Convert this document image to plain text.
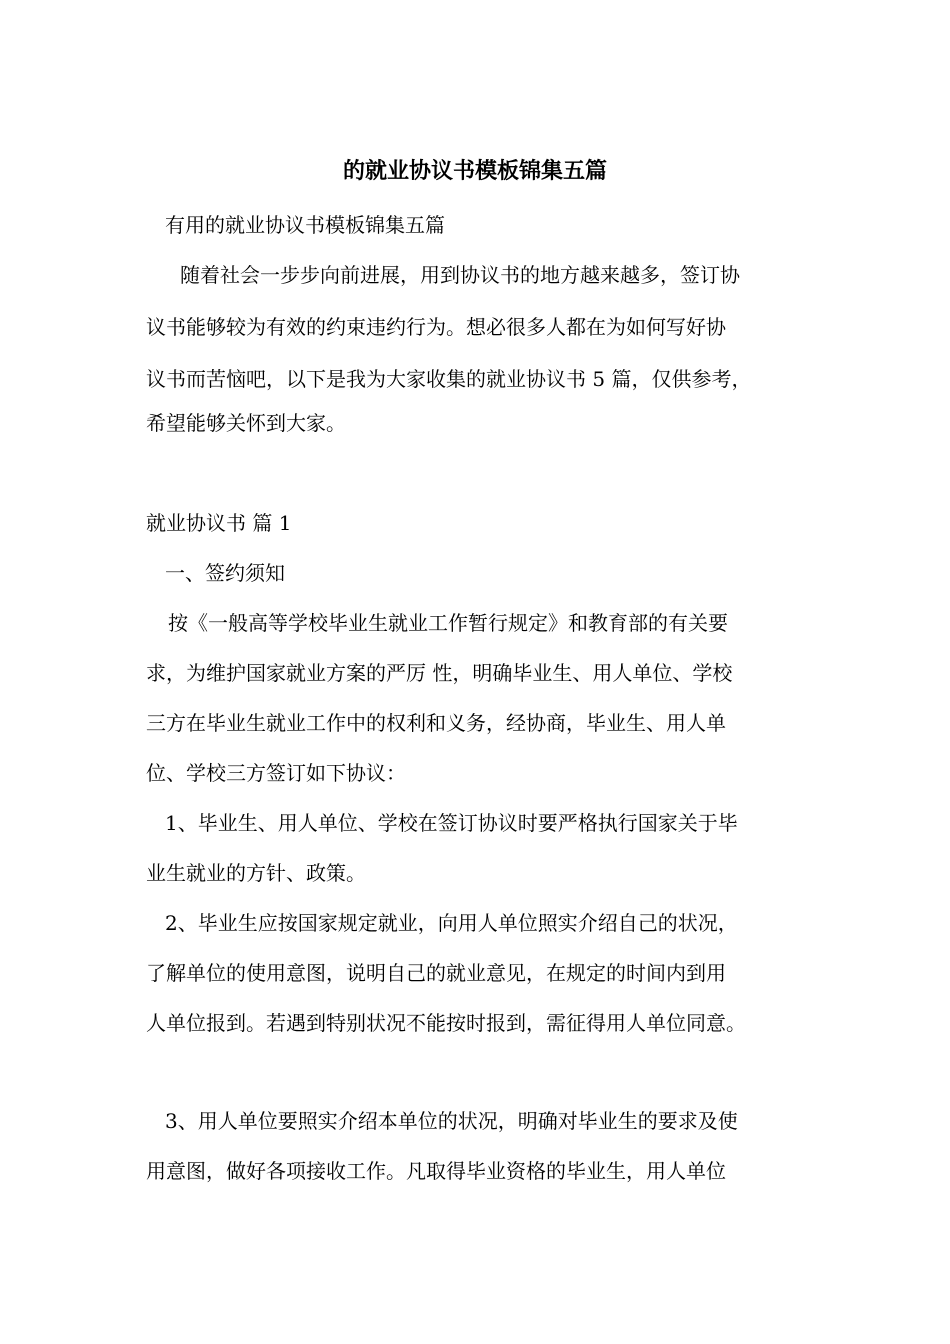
的就业协议书模板锦集五篇
有用的就业协议书模板锦集五篇
随着社会一步步向前进展，用到协议书的地方越来越多，签订协
议书能够较为有效的约束违约行为。想必很多人都在为如何写好协
议书而苦恼吧，以下是我为大家收集的就业协议书 5 篇，仅供参考，
希望能够关怀到大家。
就业协议书 篇 1
一、签约须知
按《一般高等学校毕业生就业工作暂行规定》和教育部的有关要
求，为维护国家就业方案的严厉 性，明确毕业生、用人单位、学校
三方在毕业生就业工作中的权利和义务，经协商，毕业生、用人单
位、学校三方签订如下协议：
1、毕业生、用人单位、学校在签订协议时要严格执行国家关于毕
业生就业的方针、政策。
2、毕业生应按国家规定就业，向用人单位照实介绍自己的状况，
了解单位的使用意图，说明自己的就业意见，在规定的时间内到用
人单位报到。若遇到特别状况不能按时报到，需征得用人单位同意。
3、用人单位要照实介绍本单位的状况，明确对毕业生的要求及使
用意图，做好各项接收工作。凡取得毕业资格的毕业生，用人单位
